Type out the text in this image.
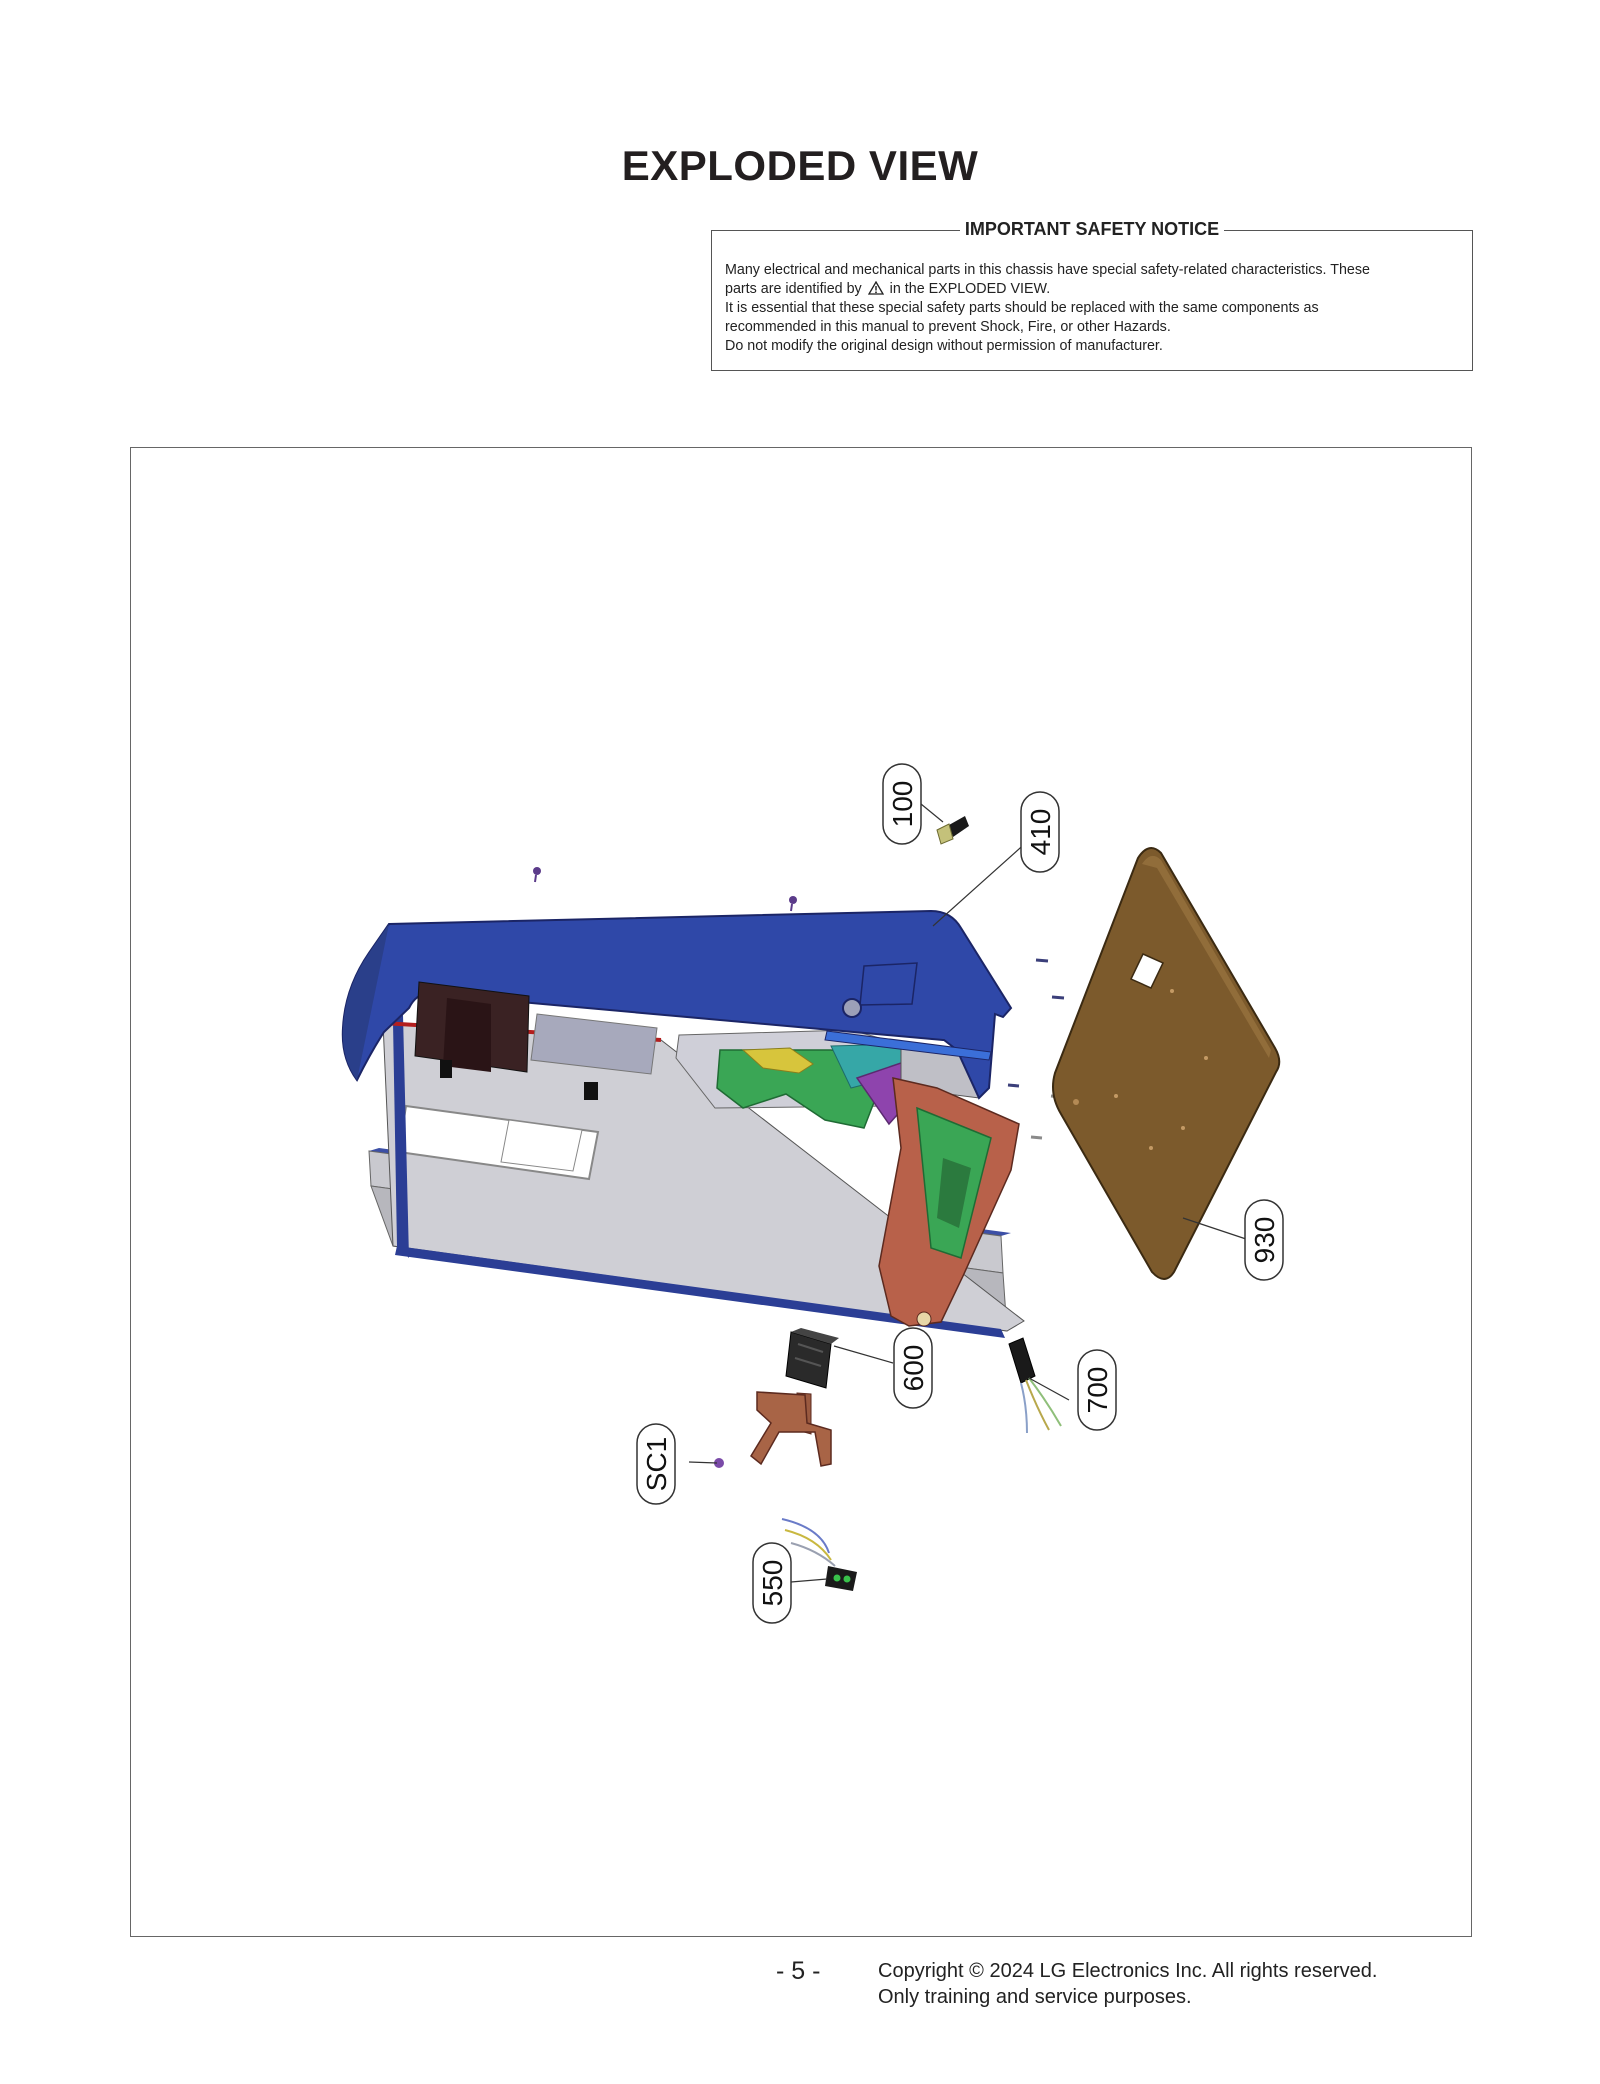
EXPLODED VIEW
IMPORTANT SAFETY NOTICE

Many electrical and mechanical parts in this chassis have special safety-related characteristics. These

parts are identified by in the EXPLODED VIEW.

It is essential that these special safety parts should be replaced with the same components as

recommended in this manual to prevent Shock, Fire, or other Hazards.

Do not modify the original design without permission of manufacturer.

100
410
930
600	700
SC1
550
- 5 -	Copyright © 2024 LG Electronics Inc. All rights reserved.
Only training and service purposes.
